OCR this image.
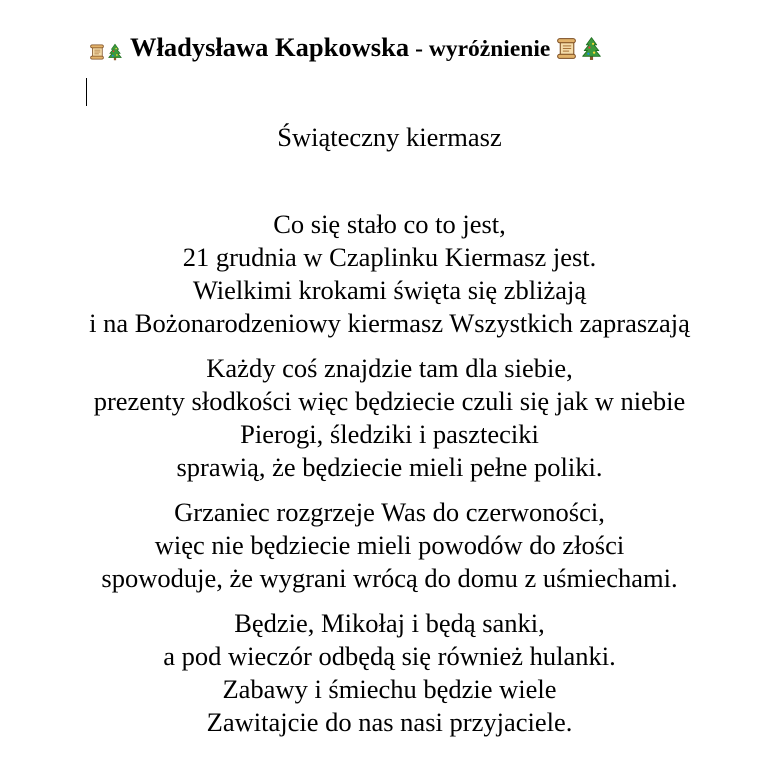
Władysława Kapkowska - wyróżnienie
Świąteczny kiermasz
Co się stało co to jest,
21 grudnia w Czaplinku Kiermasz jest.
Wielkimi krokami święta się zbliżają
i na Bożonarodzeniowy kiermasz Wszystkich zapraszają
Każdy coś znajdzie tam dla siebie,
prezenty słodkości więc będziecie czuli się jak w niebie
Pierogi, śledziki i paszteciki
sprawią, że będziecie mieli pełne poliki.
Grzaniec rozgrzeje Was do czerwoności,
więc nie będziecie mieli powodów do złości
spowoduje, że wygrani wrócą do domu z uśmiechami.
Będzie, Mikołaj i będą sanki,
a pod wieczór odbędą się również hulanki.
Zabawy i śmiechu będzie wiele
Zawitajcie do nas nasi przyjaciele.
